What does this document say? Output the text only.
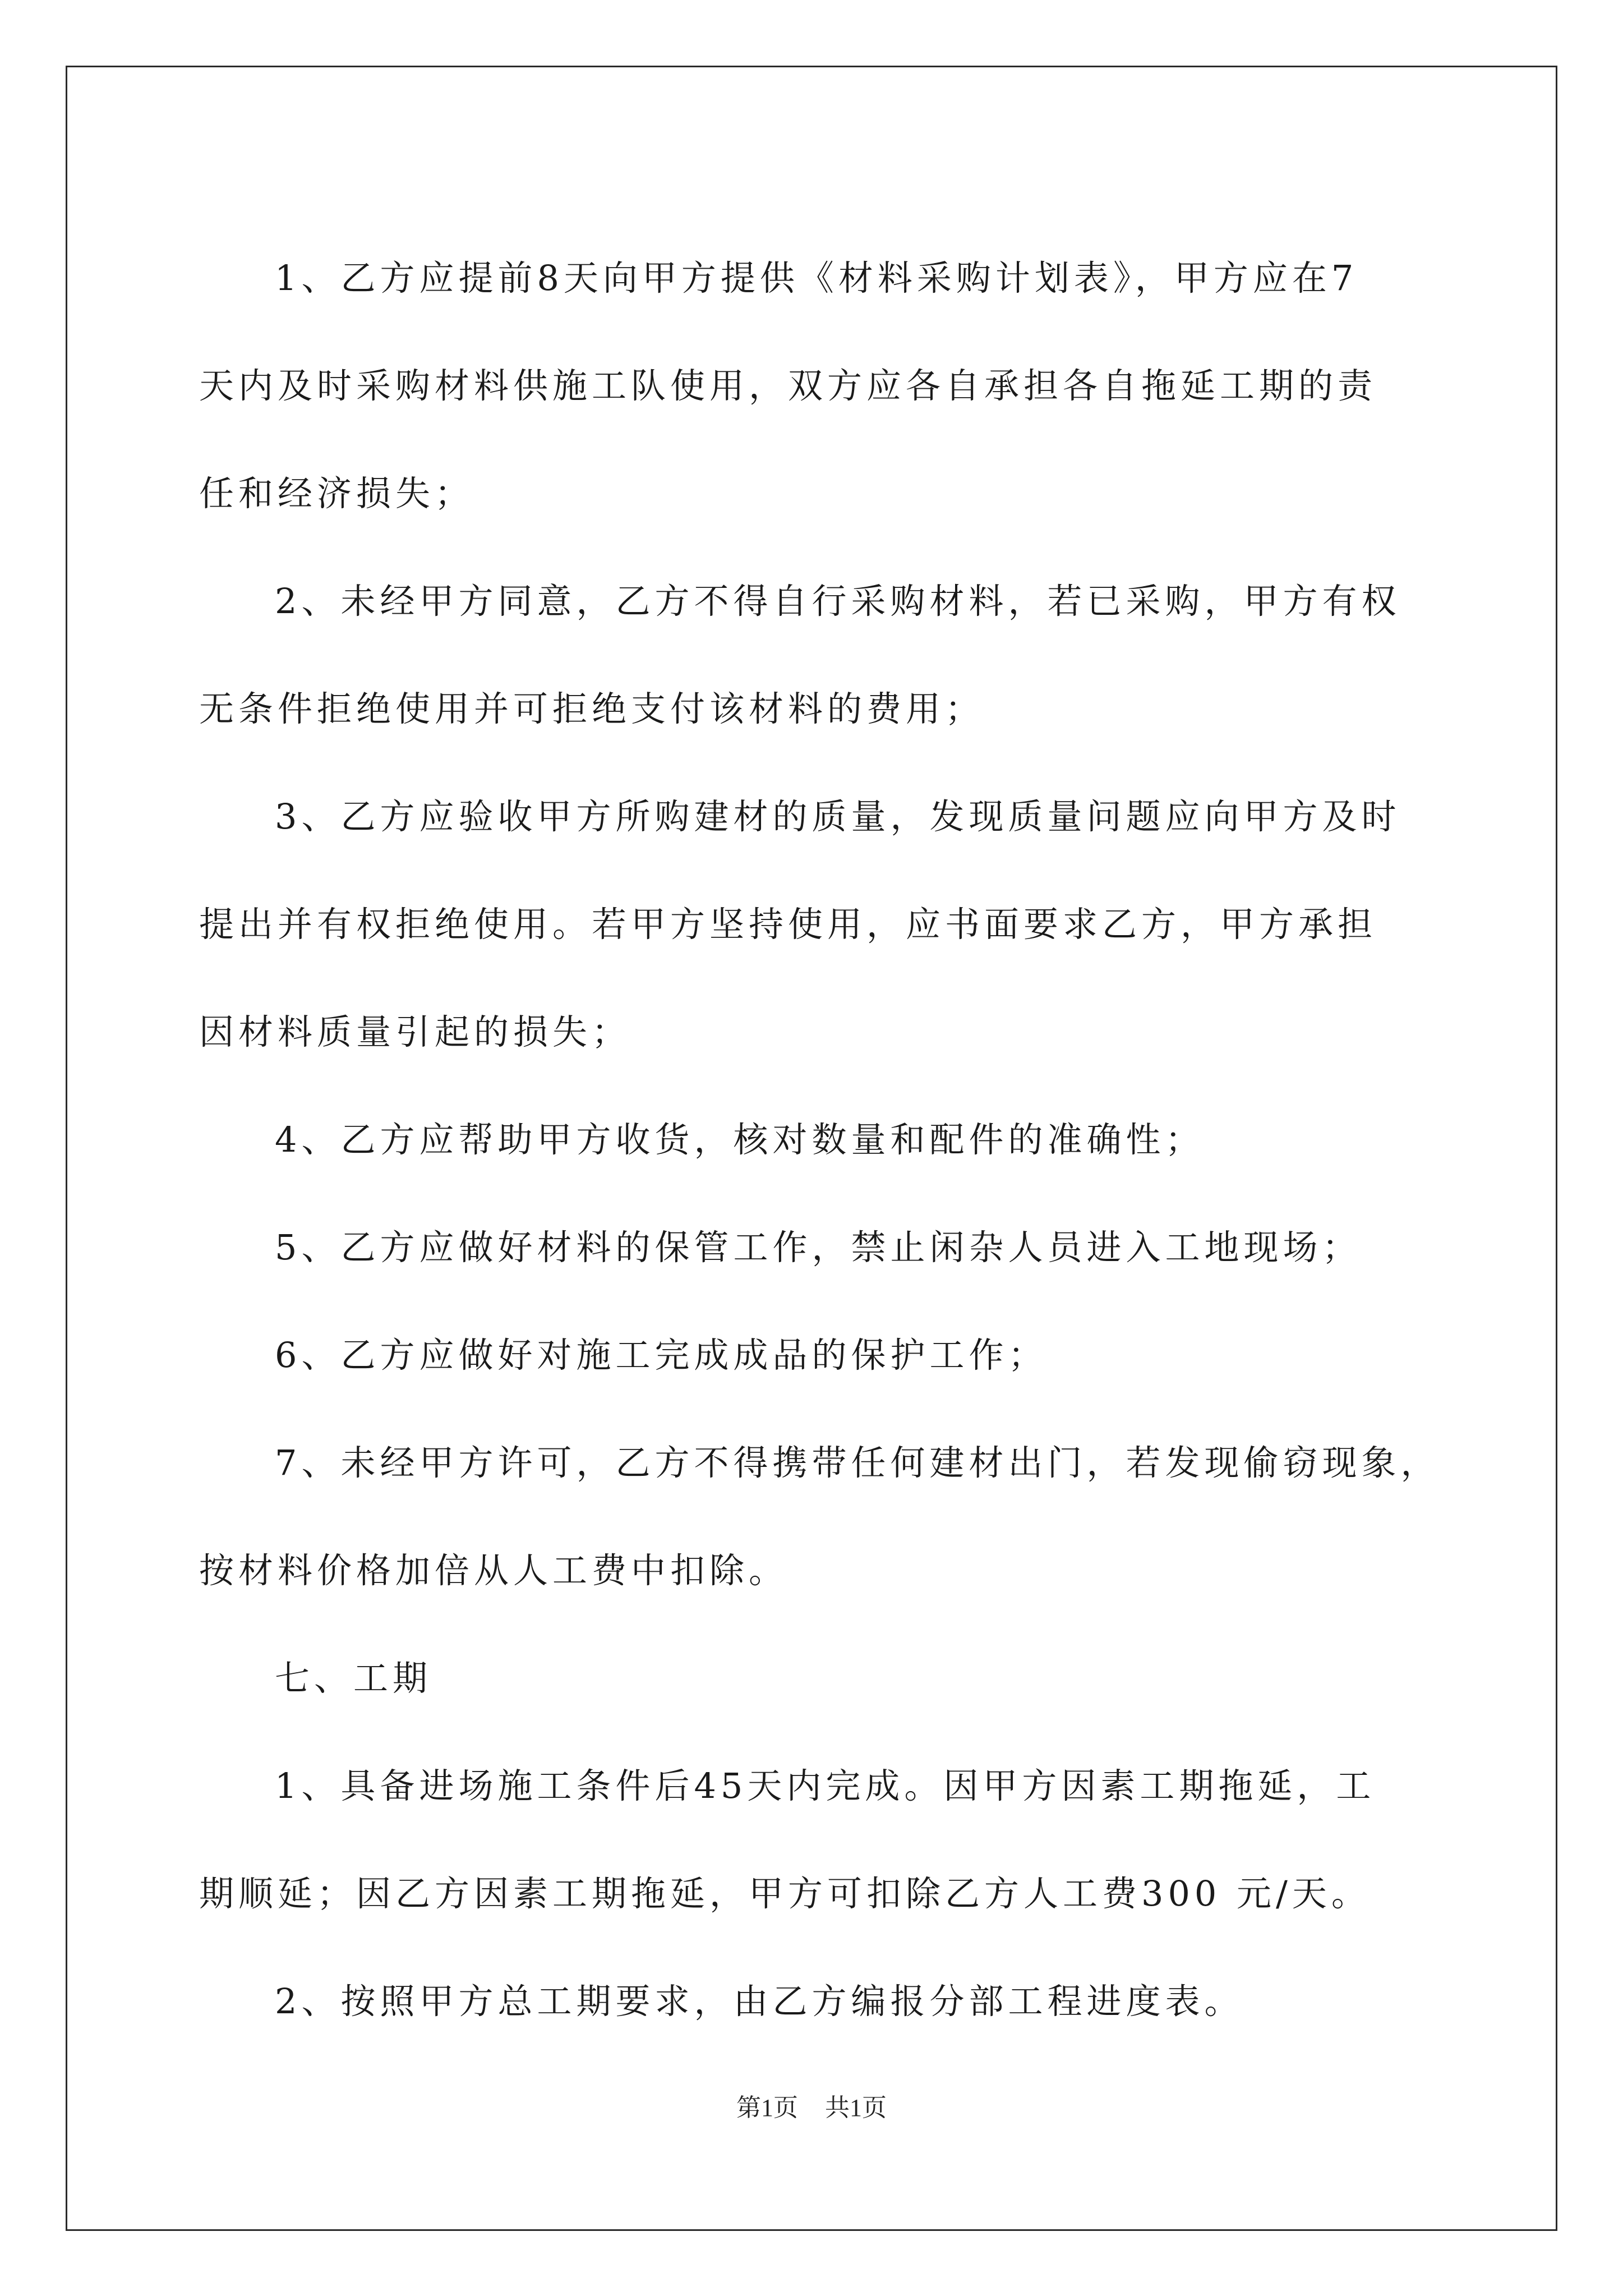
1、乙方应提前8天向甲方提供《材料采购计划表》，甲方应在7

天内及时采购材料供施工队使用，双方应各自承担各自拖延工期的责

任和经济损失；

2、未经甲方同意，乙方不得自行采购材料，若已采购，甲方有权

无条件拒绝使用并可拒绝支付该材料的费用；

3、乙方应验收甲方所购建材的质量，发现质量问题应向甲方及时

提出并有权拒绝使用。若甲方坚持使用，应书面要求乙方，甲方承担

因材料质量引起的损失；

4、乙方应帮助甲方收货，核对数量和配件的准确性；

5、乙方应做好材料的保管工作，禁止闲杂人员进入工地现场；

6、乙方应做好对施工完成成品的保护工作；

7、未经甲方许可，乙方不得携带任何建材出门，若发现偷窃现象，

按材料价格加倍从人工费中扣除。

七、工期

1、具备进场施工条件后45天内完成。因甲方因素工期拖延，工

期顺延；因乙方因素工期拖延，甲方可扣除乙方人工费300 元/天。

2、按照甲方总工期要求，由乙方编报分部工程进度表。

第1页 共1页
